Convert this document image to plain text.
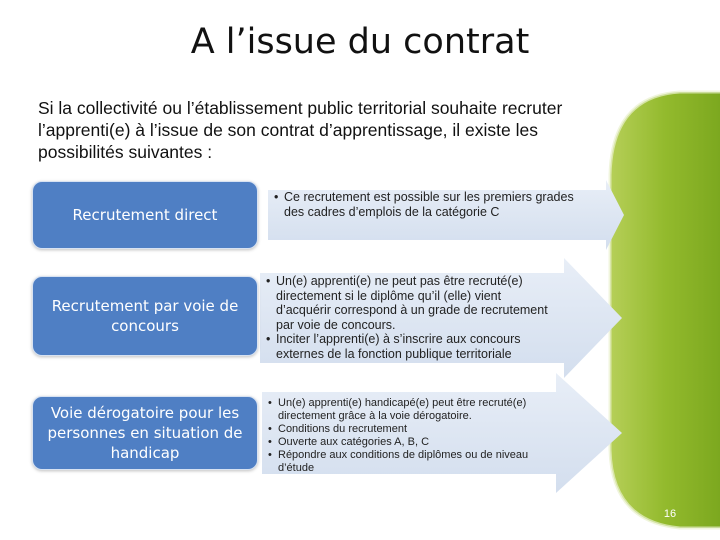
A l’issue du contrat
Si la collectivité ou l’établissement public territorial souhaite recruter l’apprenti(e) à l’issue de son contrat d’apprentissage, il existe les possibilités suivantes :
Recrutement direct
• Ce recrutement est possible sur les premiers grades des cadres d’emplois de la catégorie C
Recrutement par voie de concours
• Un(e) apprenti(e) ne peut pas être recruté(e) directement si le diplôme qu’il (elle) vient d’acquérir correspond à un grade de recrutement par voie de concours.
• Inciter l’apprenti(e) à s’inscrire aux concours externes de la fonction publique territoriale
Voie dérogatoire pour les personnes en situation de handicap
• Un(e) apprenti(e) handicapé(e) peut être recruté(e) directement grâce à la voie dérogatoire.
• Conditions du recrutement
• Ouverte aux catégories A, B, C
• Répondre aux conditions de diplômes ou de niveau d’étude
16
